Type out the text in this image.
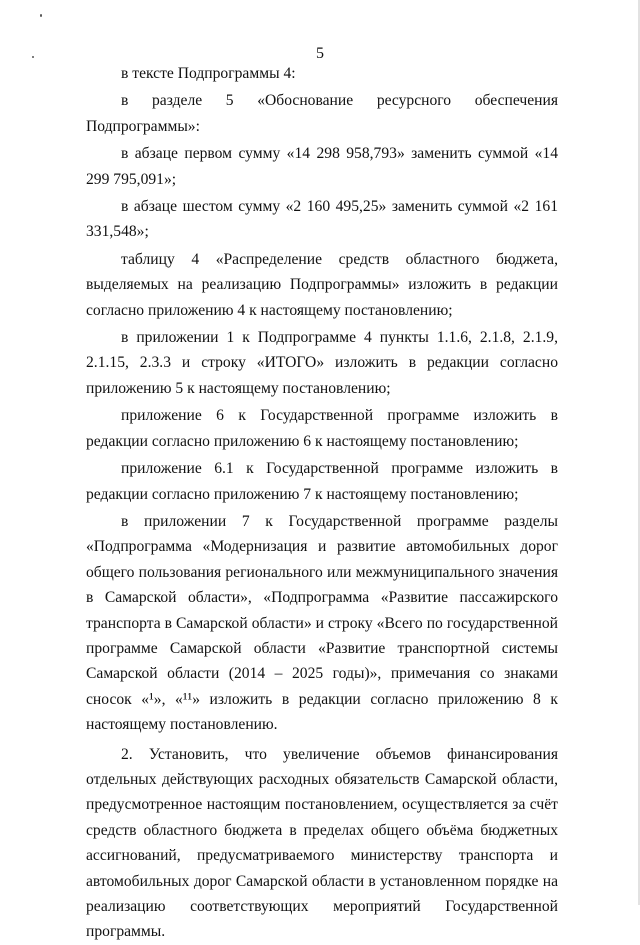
5

в тексте Подпрограммы 4:

в разделе 5 «Обоснование ресурсного обеспечения Подпрограммы»:

в абзаце первом сумму «14 298 958,793» заменить суммой «14 299 795,091»;

в абзаце шестом сумму «2 160 495,25» заменить суммой «2 161 331,548»;

таблицу 4 «Распределение средств областного бюджета, выделяемых на реализацию Подпрограммы» изложить в редакции согласно приложению 4 к настоящему постановлению;

в приложении 1 к Подпрограмме 4 пункты 1.1.6, 2.1.8, 2.1.9, 2.1.15, 2.3.3 и строку «ИТОГО» изложить в редакции согласно приложению 5 к настоящему постановлению;

приложение 6 к Государственной программе изложить в редакции согласно приложению 6 к настоящему постановлению;

приложение 6.1 к Государственной программе изложить в редакции согласно приложению 7 к настоящему постановлению;

в приложении 7 к Государственной программе разделы «Подпрограмма «Модернизация и развитие автомобильных дорог общего пользования регионального или межмуниципального значения в Самарской области», «Подпрограмма «Развитие пассажирского транспорта в Самарской области» и строку «Всего по государственной программе Самарской области «Развитие транспортной системы Самарской области (2014 – 2025 годы)», примечания со знаками сносок «¹», «¹¹» изложить в редакции согласно приложению 8 к настоящему постановлению.

2. Установить, что увеличение объемов финансирования отдельных действующих расходных обязательств Самарской области, предусмотренное настоящим постановлением, осуществляется за счёт средств областного бюджета в пределах общего объёма бюджетных ассигнований, предусматриваемого министерству транспорта и автомобильных дорог Самарской области в установленном порядке на реализацию соответствующих мероприятий Государственной программы.
